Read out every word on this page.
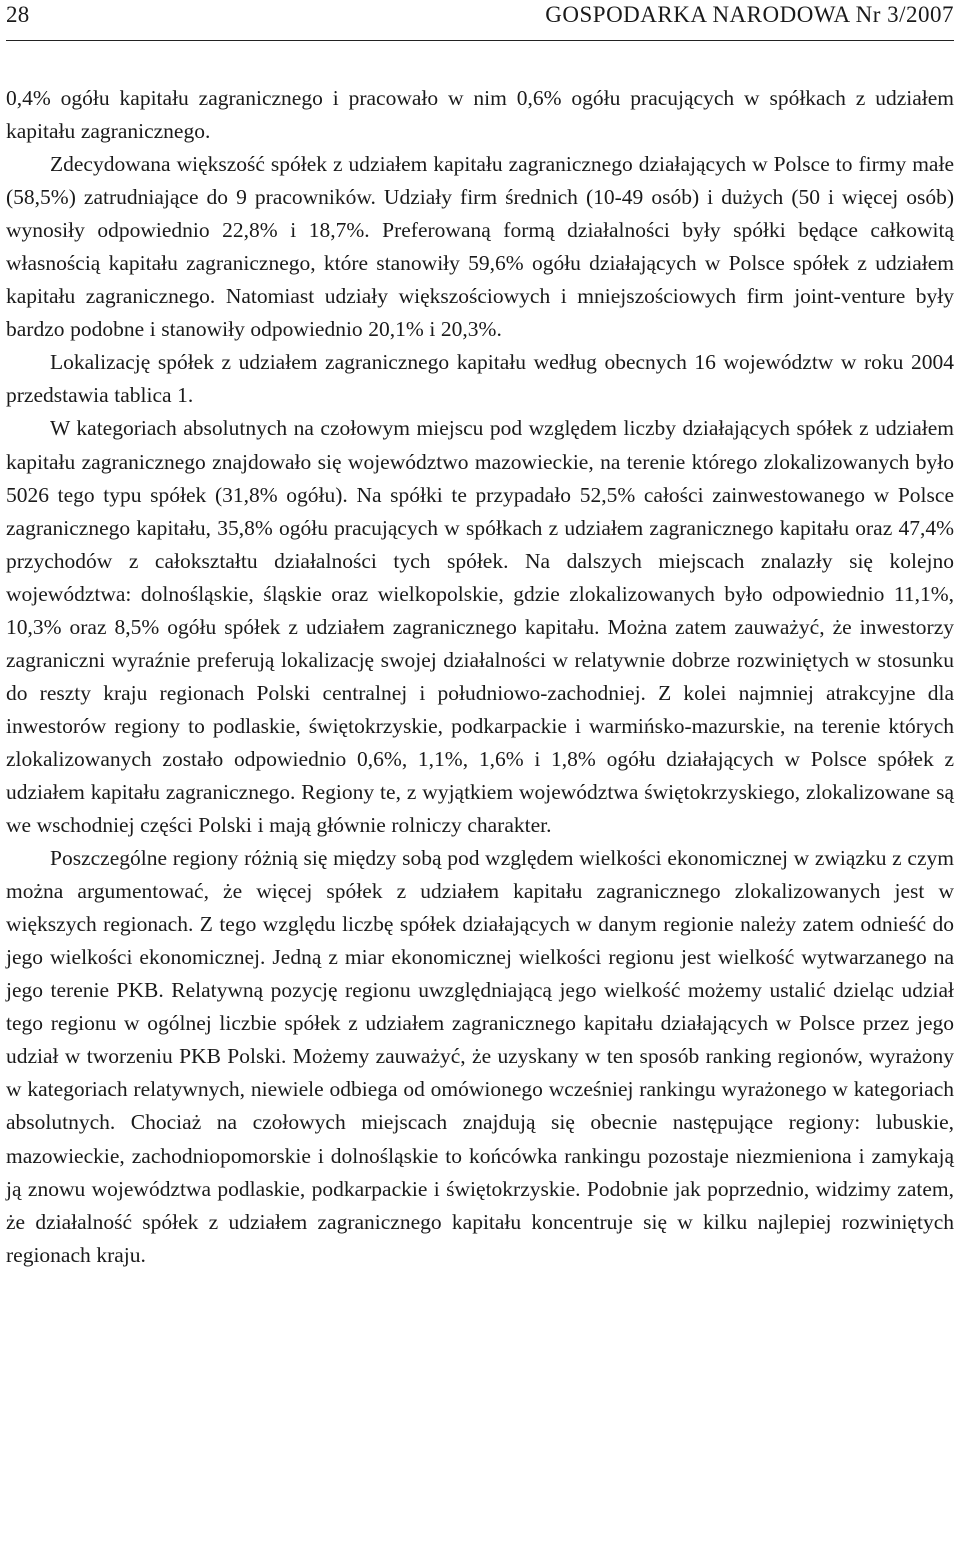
28	GOSPODARKA NARODOWA Nr 3/2007

0,4% ogółu kapitału zagranicznego i pracowało w nim 0,6% ogółu pracujących w spółkach z udziałem kapitału zagranicznego.

Zdecydowana większość spółek z udziałem kapitału zagranicznego działających w Polsce to firmy małe (58,5%) zatrudniające do 9 pracowników. Udziały firm średnich (10-49 osób) i dużych (50 i więcej osób) wynosiły odpowiednio 22,8% i 18,7%. Preferowaną formą działalności były spółki będące całkowitą własnością kapitału zagranicznego, które stanowiły 59,6% ogółu działających w Polsce spółek z udziałem kapitału zagranicznego. Natomiast udziały większościowych i mniejszościowych firm joint-venture były bardzo podobne i stanowiły odpowiednio 20,1% i 20,3%.

Lokalizację spółek z udziałem zagranicznego kapitału według obecnych 16 województw w roku 2004 przedstawia tablica 1.

W kategoriach absolutnych na czołowym miejscu pod względem liczby działających spółek z udziałem kapitału zagranicznego znajdowało się województwo mazowieckie, na terenie którego zlokalizowanych było 5026 tego typu spółek (31,8% ogółu). Na spółki te przypadało 52,5% całości zainwestowanego w Polsce zagranicznego kapitału, 35,8% ogółu pracujących w spółkach z udziałem zagranicznego kapitału oraz 47,4% przychodów z całokształtu działalności tych spółek. Na dalszych miejscach znalazły się kolejno województwa: dolnośląskie, śląskie oraz wielkopolskie, gdzie zlokalizowanych było odpowiednio 11,1%, 10,3% oraz 8,5% ogółu spółek z udziałem zagranicznego kapitału. Można zatem zauważyć, że inwestorzy zagraniczni wyraźnie preferują lokalizację swojej działalności w relatywnie dobrze rozwiniętych w stosunku do reszty kraju regionach Polski centralnej i południowo-zachodniej. Z kolei najmniej atrakcyjne dla inwestorów regiony to podlaskie, świętokrzyskie, podkarpackie i warmińsko-mazurskie, na terenie których zlokalizowanych zostało odpowiednio 0,6%, 1,1%, 1,6% i 1,8% ogółu działających w Polsce spółek z udziałem kapitału zagranicznego. Regiony te, z wyjątkiem województwa świętokrzyskiego, zlokalizowane są we wschodniej części Polski i mają głównie rolniczy charakter.

Poszczególne regiony różnią się między sobą pod względem wielkości ekonomicznej w związku z czym można argumentować, że więcej spółek z udziałem kapitału zagranicznego zlokalizowanych jest w większych regionach. Z tego względu liczbę spółek działających w danym regionie należy zatem odnieść do jego wielkości ekonomicznej. Jedną z miar ekonomicznej wielkości regionu jest wielkość wytwarzanego na jego terenie PKB. Relatywną pozycję regionu uwzględniającą jego wielkość możemy ustalić dzieląc udział tego regionu w ogólnej liczbie spółek z udziałem zagranicznego kapitału działających w Polsce przez jego udział w tworzeniu PKB Polski. Możemy zauważyć, że uzyskany w ten sposób ranking regionów, wyrażony w kategoriach relatywnych, niewiele odbiega od omówionego wcześniej rankingu wyrażonego w kategoriach absolutnych. Chociaż na czołowych miejscach znajdują się obecnie następujące regiony: lubuskie, mazowieckie, zachodniopomorskie i dolnośląskie to końcówka rankingu pozostaje niezmieniona i zamykają ją znowu województwa podlaskie, podkarpackie i świętokrzyskie. Podobnie jak poprzednio, widzimy zatem, że działalność spółek z udziałem zagranicznego kapitału koncentruje się w kilku najlepiej rozwiniętych regionach kraju.
